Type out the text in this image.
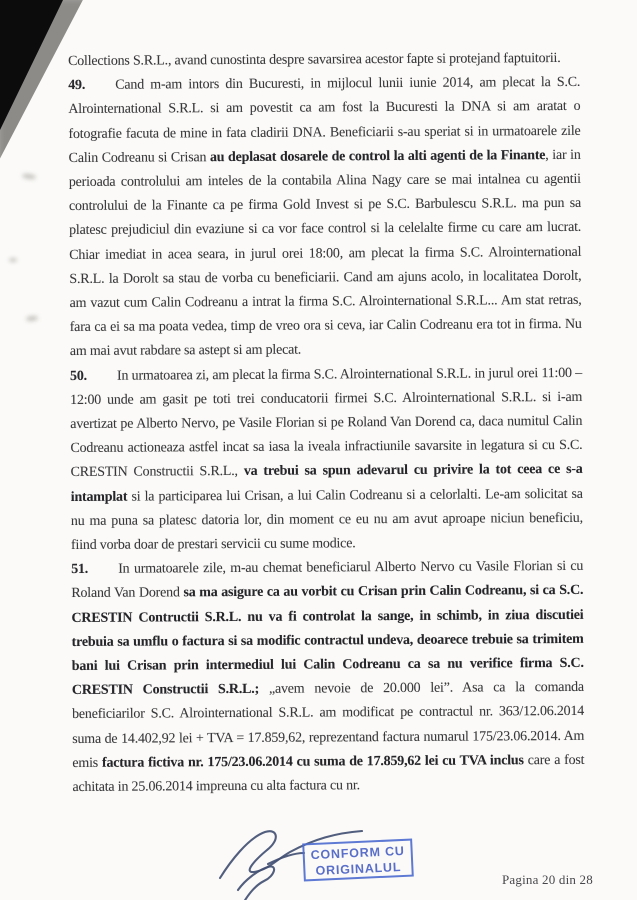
Collections S.R.L., avand cunostinta despre savarsirea acestor fapte si protejand faptuitorii.

49. Cand m-am intors din Bucuresti, in mijlocul lunii iunie 2014, am plecat la S.C. Alrointernational S.R.L. si am povestit ca am fost la Bucuresti la DNA si am aratat o fotografie facuta de mine in fata cladirii DNA. Beneficiarii s-au speriat si in urmatoarele zile Calin Codreanu si Crisan au deplasat dosarele de control la alti agenti de la Finante, iar in perioada controlului am inteles de la contabila Alina Nagy care se mai intalnea cu agentii controlului de la Finante ca pe firma Gold Invest si pe S.C. Barbulescu S.R.L. ma pun sa platesc prejudiciul din evaziune si ca vor face control si la celelalte firme cu care am lucrat. Chiar imediat in acea seara, in jurul orei 18:00, am plecat la firma S.C. Alrointernational S.R.L. la Dorolt sa stau de vorba cu beneficiarii. Cand am ajuns acolo, in localitatea Dorolt, am vazut cum Calin Codreanu a intrat la firma S.C. Alrointernational S.R.L... Am stat retras, fara ca ei sa ma poata vedea, timp de vreo ora si ceva, iar Calin Codreanu era tot in firma. Nu am mai avut rabdare sa astept si am plecat.

50. In urmatoarea zi, am plecat la firma S.C. Alrointernational S.R.L. in jurul orei 11:00 – 12:00 unde am gasit pe toti trei conducatorii firmei S.C. Alrointernational S.R.L. si i-am avertizat pe Alberto Nervo, pe Vasile Florian si pe Roland Van Dorend ca, daca numitul Calin Codreanu actioneaza astfel incat sa iasa la iveala infractiunile savarsite in legatura si cu S.C. CRESTIN Constructii S.R.L., va trebui sa spun adevarul cu privire la tot ceea ce s-a intamplat si la participarea lui Crisan, a lui Calin Codreanu si a celorlalti. Le-am solicitat sa nu ma puna sa platesc datoria lor, din moment ce eu nu am avut aproape niciun beneficiu, fiind vorba doar de prestari servicii cu sume modice.

51. In urmatoarele zile, m-au chemat beneficiarul Alberto Nervo cu Vasile Florian si cu Roland Van Dorend sa ma asigure ca au vorbit cu Crisan prin Calin Codreanu, si ca S.C. CRESTIN Contructii S.R.L. nu va fi controlat la sange, in schimb, in ziua discutiei trebuia sa umflu o factura si sa modific contractul undeva, deoarece trebuie sa trimitem bani lui Crisan prin intermediul lui Calin Codreanu ca sa nu verifice firma S.C. CRESTIN Constructii S.R.L.; „avem nevoie de 20.000 lei”. Asa ca la comanda beneficiarilor S.C. Alrointernational S.R.L. am modificat pe contractul nr. 363/12.06.2014 suma de 14.402,92 lei + TVA = 17.859,62, reprezentand factura numarul 175/23.06.2014. Am emis factura fictiva nr. 175/23.06.2014 cu suma de 17.859,62 lei cu TVA inclus care a fost achitata in 25.06.2014 impreuna cu alta factura cu nr.

CONFORM CU
ORIGINALUL
Pagina 20 din 28
